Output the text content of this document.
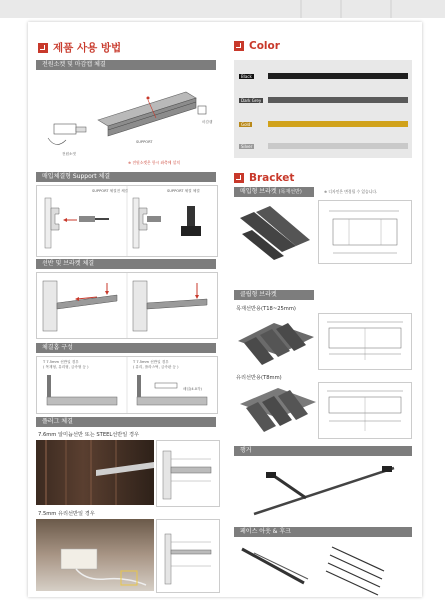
제품 사용 방법
전원소켓 및 마감캡 체결
전원소켓
마감캡
SUPPORT
※ 전원소켓은 항시 좌측에 설치
매입체결형 Support 체결
SUPPORT 체결전 체결	SUPPORT 체결 체결
선반 및 브라켓 체결
체결홈 구성
T 7.5mm 선반일 경우
( 목재형, 유리형, 금속형 등 )
T 7.5mm 선반일 경우
( 유리, 플라스틱, 금속판 등 )
매입(4.0각)
플러그 체결
7.6mm 알미늄선반 또는 STEEL선반일 경우
7.5mm 유리선반일 경우
Color
Black
Dark Grey
Gold
Silver
Bracket
매입형 브라켓 (목재선반)	※ 디자인은 변경될 수 있습니다.
클립형 브라켓
목재선반용(T18~25mm)
유리선반용(T8mm)
행거
페이스 아웃 & 후크
